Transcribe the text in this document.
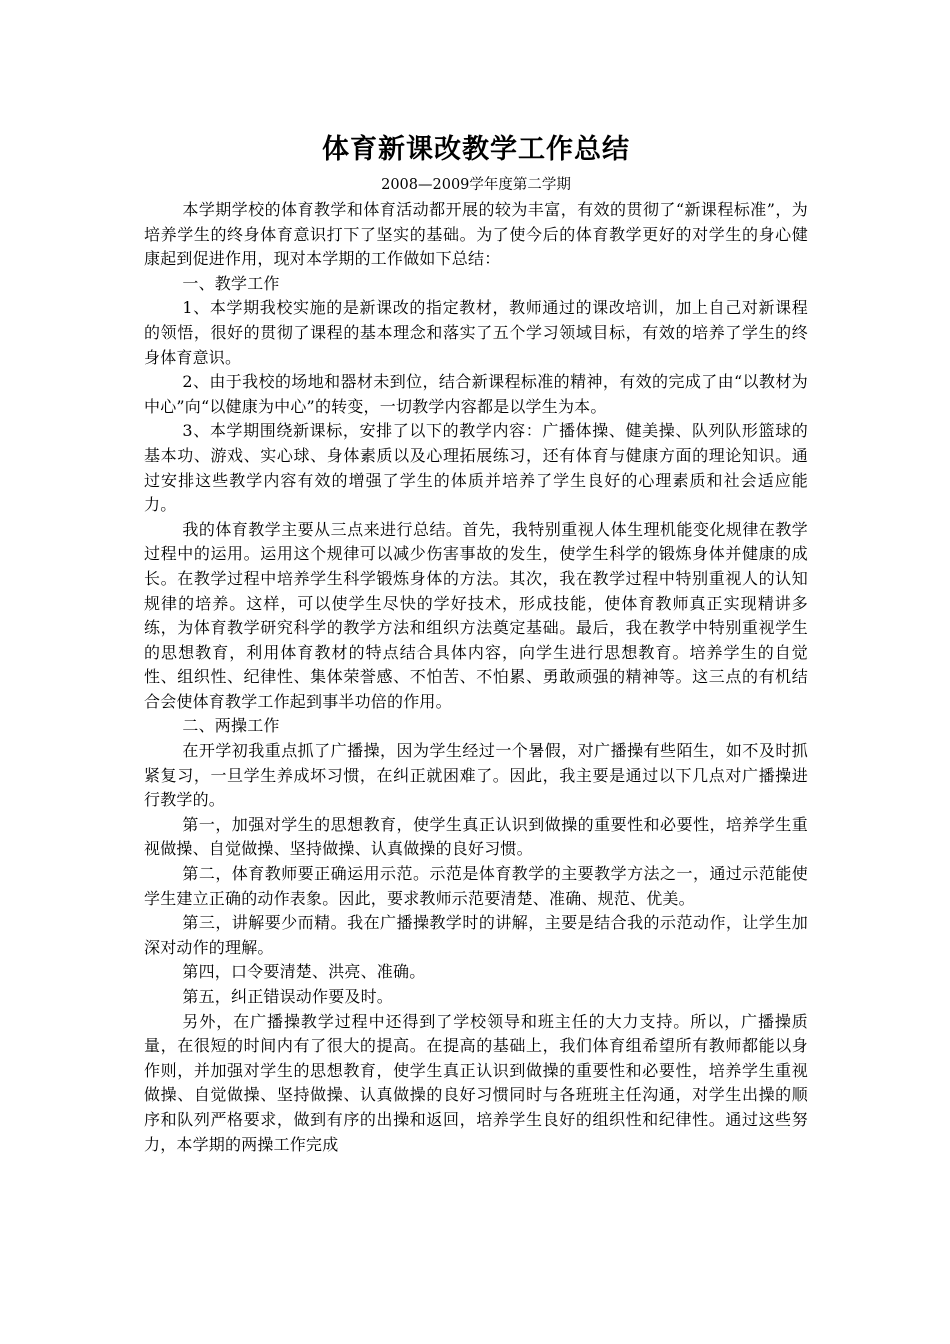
体育新课改教学工作总结
2008—2009学年度第二学期

本学期学校的体育教学和体育活动都开展的较为丰富，有效的贯彻了“新课程标准”，为培养学生的终身体育意识打下了坚实的基础。为了使今后的体育教学更好的对学生的身心健康起到促进作用，现对本学期的工作做如下总结：

一、教学工作

1、本学期我校实施的是新课改的指定教材，教师通过的课改培训，加上自己对新课程的领悟，很好的贯彻了课程的基本理念和落实了五个学习领域目标，有效的培养了学生的终身体育意识。

2、由于我校的场地和器材未到位，结合新课程标准的精神，有效的完成了由“以教材为中心”向“以健康为中心”的转变，一切教学内容都是以学生为本。

3、本学期围绕新课标，安排了以下的教学内容：广播体操、健美操、队列队形篮球的基本功、游戏、实心球、身体素质以及心理拓展练习，还有体育与健康方面的理论知识。通过安排这些教学内容有效的增强了学生的体质并培养了学生良好的心理素质和社会适应能力。

我的体育教学主要从三点来进行总结。首先，我特别重视人体生理机能变化规律在教学过程中的运用。运用这个规律可以减少伤害事故的发生，使学生科学的锻炼身体并健康的成长。在教学过程中培养学生科学锻炼身体的方法。其次，我在教学过程中特别重视人的认知规律的培养。这样，可以使学生尽快的学好技术，形成技能，使体育教师真正实现精讲多练，为体育教学研究科学的教学方法和组织方法奠定基础。最后，我在教学中特别重视学生的思想教育，利用体育教材的特点结合具体内容，向学生进行思想教育。培养学生的自觉性、组织性、纪律性、集体荣誉感、不怕苦、不怕累、勇敢顽强的精神等。这三点的有机结合会使体育教学工作起到事半功倍的作用。

二、两操工作

在开学初我重点抓了广播操，因为学生经过一个暑假，对广播操有些陌生，如不及时抓紧复习，一旦学生养成坏习惯，在纠正就困难了。因此，我主要是通过以下几点对广播操进行教学的。

第一，加强对学生的思想教育，使学生真正认识到做操的重要性和必要性，培养学生重视做操、自觉做操、坚持做操、认真做操的良好习惯。

第二，体育教师要正确运用示范。示范是体育教学的主要教学方法之一，通过示范能使学生建立正确的动作表象。因此，要求教师示范要清楚、准确、规范、优美。

第三，讲解要少而精。我在广播操教学时的讲解，主要是结合我的示范动作，让学生加深对动作的理解。

第四，口令要清楚、洪亮、准确。

第五，纠正错误动作要及时。

另外，在广播操教学过程中还得到了学校领导和班主任的大力支持。所以，广播操质量，在很短的时间内有了很大的提高。在提高的基础上，我们体育组希望所有教师都能以身作则，并加强对学生的思想教育，使学生真正认识到做操的重要性和必要性，培养学生重视做操、自觉做操、坚持做操、认真做操的良好习惯同时与各班班主任沟通，对学生出操的顺序和队列严格要求，做到有序的出操和返回，培养学生良好的组织性和纪律性。通过这些努力，本学期的两操工作完成
